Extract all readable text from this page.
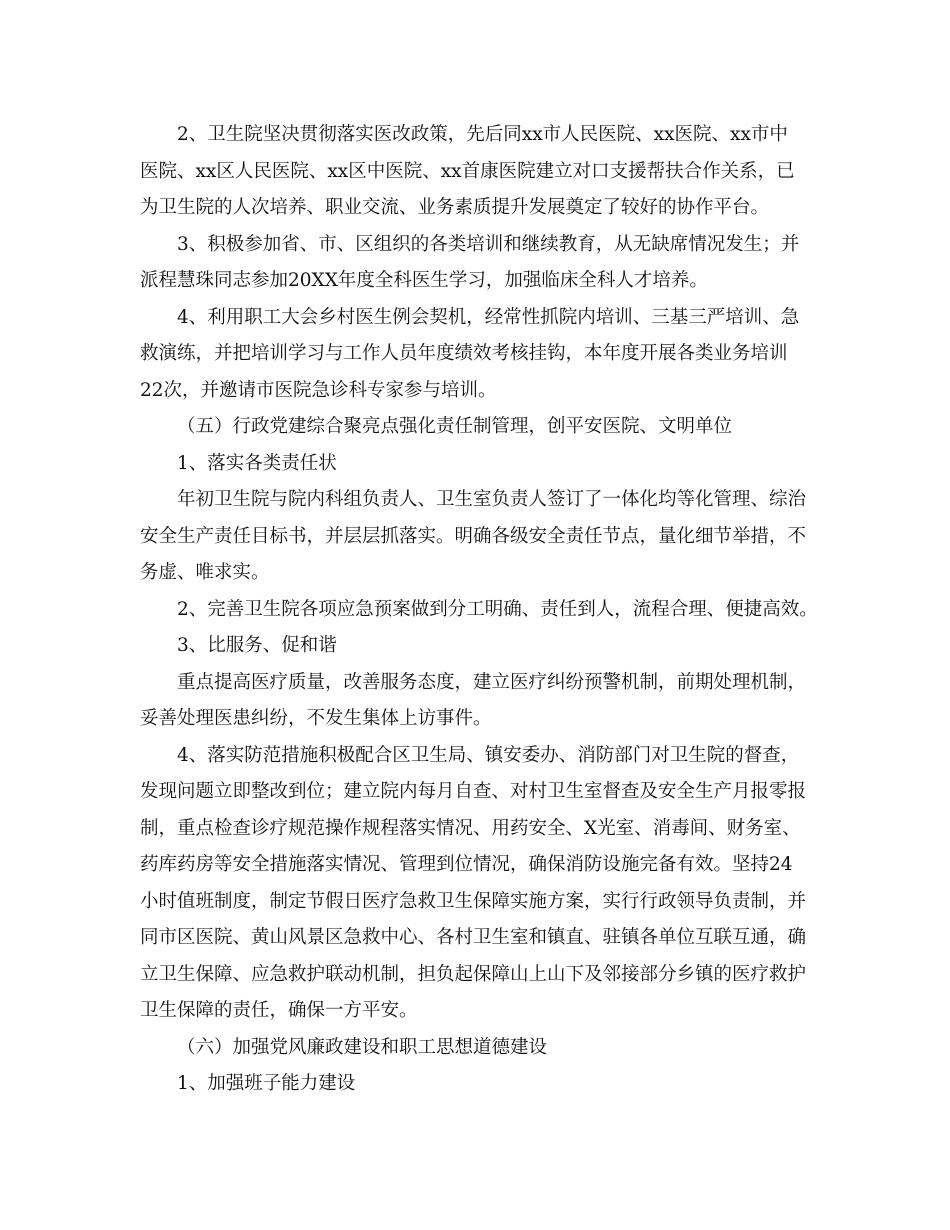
2、卫生院坚决贯彻落实医改政策，先后同xx市人民医院、xx医院、xx市中
医院、xx区人民医院、xx区中医院、xx首康医院建立对口支援帮扶合作关系，已
为卫生院的人次培养、职业交流、业务素质提升发展奠定了较好的协作平台。

3、积极参加省、市、区组织的各类培训和继续教育，从无缺席情况发生；并
派程慧珠同志参加20XX年度全科医生学习，加强临床全科人才培养。

4、利用职工大会乡村医生例会契机，经常性抓院内培训、三基三严培训、急
救演练，并把培训学习与工作人员年度绩效考核挂钩，本年度开展各类业务培训
22次，并邀请市医院急诊科专家参与培训。

（五）行政党建综合聚亮点强化责任制管理，创平安医院、文明单位

1、落实各类责任状

年初卫生院与院内科组负责人、卫生室负责人签订了一体化均等化管理、综治
安全生产责任目标书，并层层抓落实。明确各级安全责任节点，量化细节举措，不
务虚、唯求实。

2、完善卫生院各项应急预案做到分工明确、责任到人，流程合理、便捷高效。

3、比服务、促和谐

重点提高医疗质量，改善服务态度，建立医疗纠纷预警机制，前期处理机制，
妥善处理医患纠纷，不发生集体上访事件。

4、落实防范措施积极配合区卫生局、镇安委办、消防部门对卫生院的督查，
发现问题立即整改到位；建立院内每月自查、对村卫生室督查及安全生产月报零报
制，重点检查诊疗规范操作规程落实情况、用药安全、X光室、消毒间、财务室、
药库药房等安全措施落实情况、管理到位情况，确保消防设施完备有效。坚持24
小时值班制度，制定节假日医疗急救卫生保障实施方案，实行行政领导负责制，并
同市区医院、黄山风景区急救中心、各村卫生室和镇直、驻镇各单位互联互通，确
立卫生保障、应急救护联动机制，担负起保障山上山下及邻接部分乡镇的医疗救护
卫生保障的责任，确保一方平安。

（六）加强党风廉政建设和职工思想道德建设

1、加强班子能力建设
